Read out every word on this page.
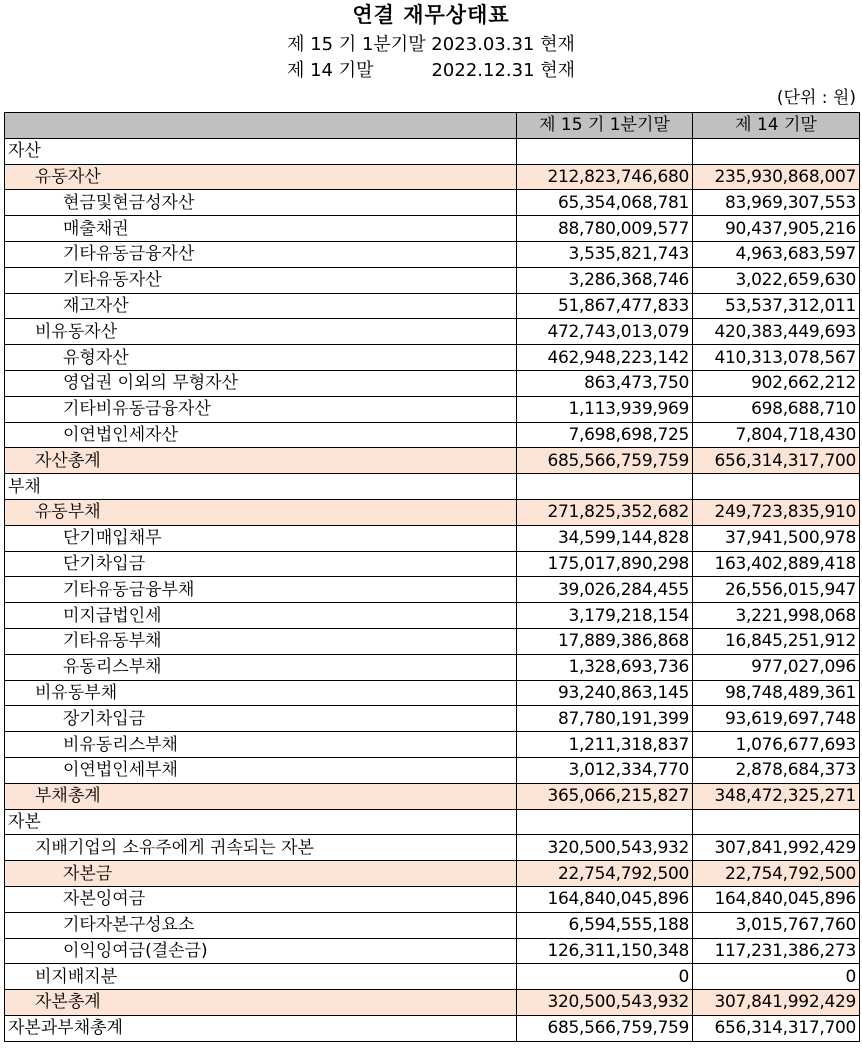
연결 재무상태표
제 15 기 1분기말 2023.03.31 현재
제 14 기말	2022.12.31 현재
(단위 : 원)
	제 15 기 1분기말	제 14 기말
자산		
유동자산	212,823,746,680	235,930,868,007
현금및현금성자산	65,354,068,781	83,969,307,553
매출채권	88,780,009,577	90,437,905,216
기타유동금융자산	3,535,821,743	4,963,683,597
기타유동자산	3,286,368,746	3,022,659,630
재고자산	51,867,477,833	53,537,312,011
비유동자산	472,743,013,079	420,383,449,693
유형자산	462,948,223,142	410,313,078,567
영업권 이외의 무형자산	863,473,750	902,662,212
기타비유동금융자산	1,113,939,969	698,688,710
이연법인세자산	7,698,698,725	7,804,718,430
자산총계	685,566,759,759	656,314,317,700
부채		
유동부채	271,825,352,682	249,723,835,910
단기매입채무	34,599,144,828	37,941,500,978
단기차입금	175,017,890,298	163,402,889,418
기타유동금융부채	39,026,284,455	26,556,015,947
미지급법인세	3,179,218,154	3,221,998,068
기타유동부채	17,889,386,868	16,845,251,912
유동리스부채	1,328,693,736	977,027,096
비유동부채	93,240,863,145	98,748,489,361
장기차입금	87,780,191,399	93,619,697,748
비유동리스부채	1,211,318,837	1,076,677,693
이연법인세부채	3,012,334,770	2,878,684,373
부채총계	365,066,215,827	348,472,325,271
자본		
지배기업의 소유주에게 귀속되는 자본	320,500,543,932	307,841,992,429
자본금	22,754,792,500	22,754,792,500
자본잉여금	164,840,045,896	164,840,045,896
기타자본구성요소	6,594,555,188	3,015,767,760
이익잉여금(결손금)	126,311,150,348	117,231,386,273
비지배지분	0	0
자본총계	320,500,543,932	307,841,992,429
자본과부채총계	685,566,759,759	656,314,317,700
